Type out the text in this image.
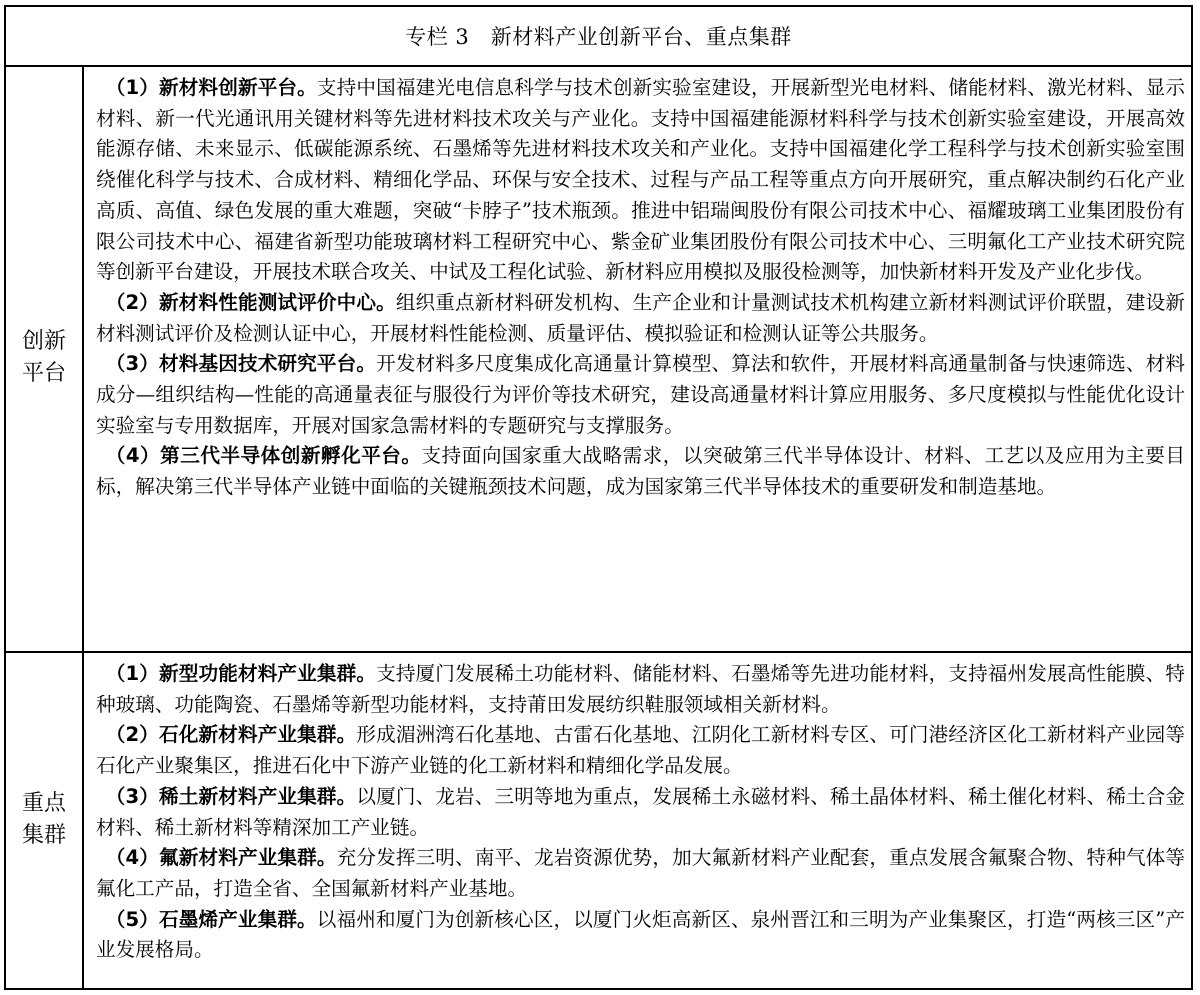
专栏 3　新材料产业创新平台、重点集群
创新平台

（1）新材料创新平台。支持中国福建光电信息科学与技术创新实验室建设，开展新型光电材料、储能材料、激光材料、显示材料、新一代光通讯用关键材料等先进材料技术攻关与产业化。支持中国福建能源材料科学与技术创新实验室建设，开展高效能源存储、未来显示、低碳能源系统、石墨烯等先进材料技术攻关和产业化。支持中国福建化学工程科学与技术创新实验室围绕催化科学与技术、合成材料、精细化学品、环保与安全技术、过程与产品工程等重点方向开展研究，重点解决制约石化产业高质、高值、绿色发展的重大难题，突破“卡脖子”技术瓶颈。推进中铝瑞闽股份有限公司技术中心、福耀玻璃工业集团股份有限公司技术中心、福建省新型功能玻璃材料工程研究中心、紫金矿业集团股份有限公司技术中心、三明氟化工产业技术研究院等创新平台建设，开展技术联合攻关、中试及工程化试验、新材料应用模拟及服役检测等，加快新材料开发及产业化步伐。

（2）新材料性能测试评价中心。组织重点新材料研发机构、生产企业和计量测试技术机构建立新材料测试评价联盟，建设新材料测试评价及检测认证中心，开展材料性能检测、质量评估、模拟验证和检测认证等公共服务。

（3）材料基因技术研究平台。开发材料多尺度集成化高通量计算模型、算法和软件，开展材料高通量制备与快速筛选、材料成分—组织结构—性能的高通量表征与服役行为评价等技术研究，建设高通量材料计算应用服务、多尺度模拟与性能优化设计实验室与专用数据库，开展对国家急需材料的专题研究与支撑服务。

（4）第三代半导体创新孵化平台。支持面向国家重大战略需求，以突破第三代半导体设计、材料、工艺以及应用为主要目标，解决第三代半导体产业链中面临的关键瓶颈技术问题，成为国家第三代半导体技术的重要研发和制造基地。

重点集群

（1）新型功能材料产业集群。支持厦门发展稀土功能材料、储能材料、石墨烯等先进功能材料，支持福州发展高性能膜、特种玻璃、功能陶瓷、石墨烯等新型功能材料，支持莆田发展纺织鞋服领域相关新材料。

（2）石化新材料产业集群。形成湄洲湾石化基地、古雷石化基地、江阴化工新材料专区、可门港经济区化工新材料产业园等石化产业聚集区，推进石化中下游产业链的化工新材料和精细化学品发展。

（3）稀土新材料产业集群。以厦门、龙岩、三明等地为重点，发展稀土永磁材料、稀土晶体材料、稀土催化材料、稀土合金材料、稀土新材料等精深加工产业链。

（4）氟新材料产业集群。充分发挥三明、南平、龙岩资源优势，加大氟新材料产业配套，重点发展含氟聚合物、特种气体等氟化工产品，打造全省、全国氟新材料产业基地。

（5）石墨烯产业集群。以福州和厦门为创新核心区，以厦门火炬高新区、泉州晋江和三明为产业集聚区，打造“两核三区”产业发展格局。
